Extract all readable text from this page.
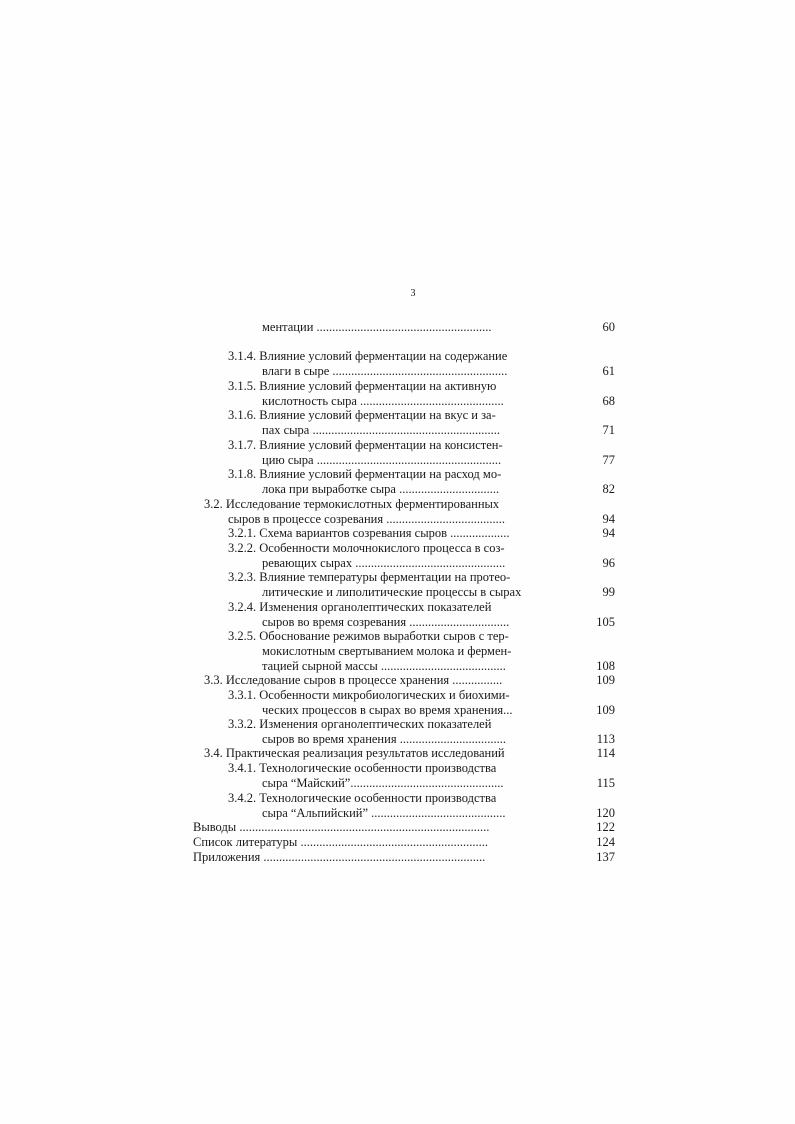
3
ментации ........................................................	60
3.1.4. Влияние условий ферментации на содержание
влаги в сыре ........................................................	61
3.1.5. Влияние условий ферментации на активную
кислотность сыра ..............................................	68
3.1.6. Влияние условий ферментации на вкус и за-
пах сыра ............................................................	71
3.1.7. Влияние условий ферментации на консистен-
цию сыра ...........................................................	77
3.1.8. Влияние условий ферментации на расход мо-
лока при выработке сыра ................................	82
3.2. Исследование термокислотных ферментированных
сыров в процессе созревания ......................................	94
3.2.1. Схема вариантов созревания сыров ...................	94
3.2.2. Особенности молочнокислого процесса в соз-
ревающих сырах ................................................	96
3.2.3. Влияние температуры ферментации на протео-
литические и липолитические процессы в сырах	99
3.2.4. Изменения органолептических показателей
сыров во время созревания ................................	105
3.2.5. Обоснование режимов выработки сыров с тер-
мокислотным свертыванием молока и фермен-
тацией сырной массы ........................................	108
3.3. Исследование сыров в процессе хранения ................	109
3.3.1. Особенности микробиологических и биохими-
ческих процессов в сырах во время хранения...	109
3.3.2. Изменения органолептических показателей
сыров во время хранения ..................................	113
3.4. Практическая реализация результатов исследований	114
3.4.1. Технологические особенности производства
сыра “Майский”.................................................	115
3.4.2. Технологические особенности производства
сыра “Альпийский” ...........................................	120
Выводы ................................................................................	122
Список литературы ............................................................	124
Приложения .......................................................................	137
